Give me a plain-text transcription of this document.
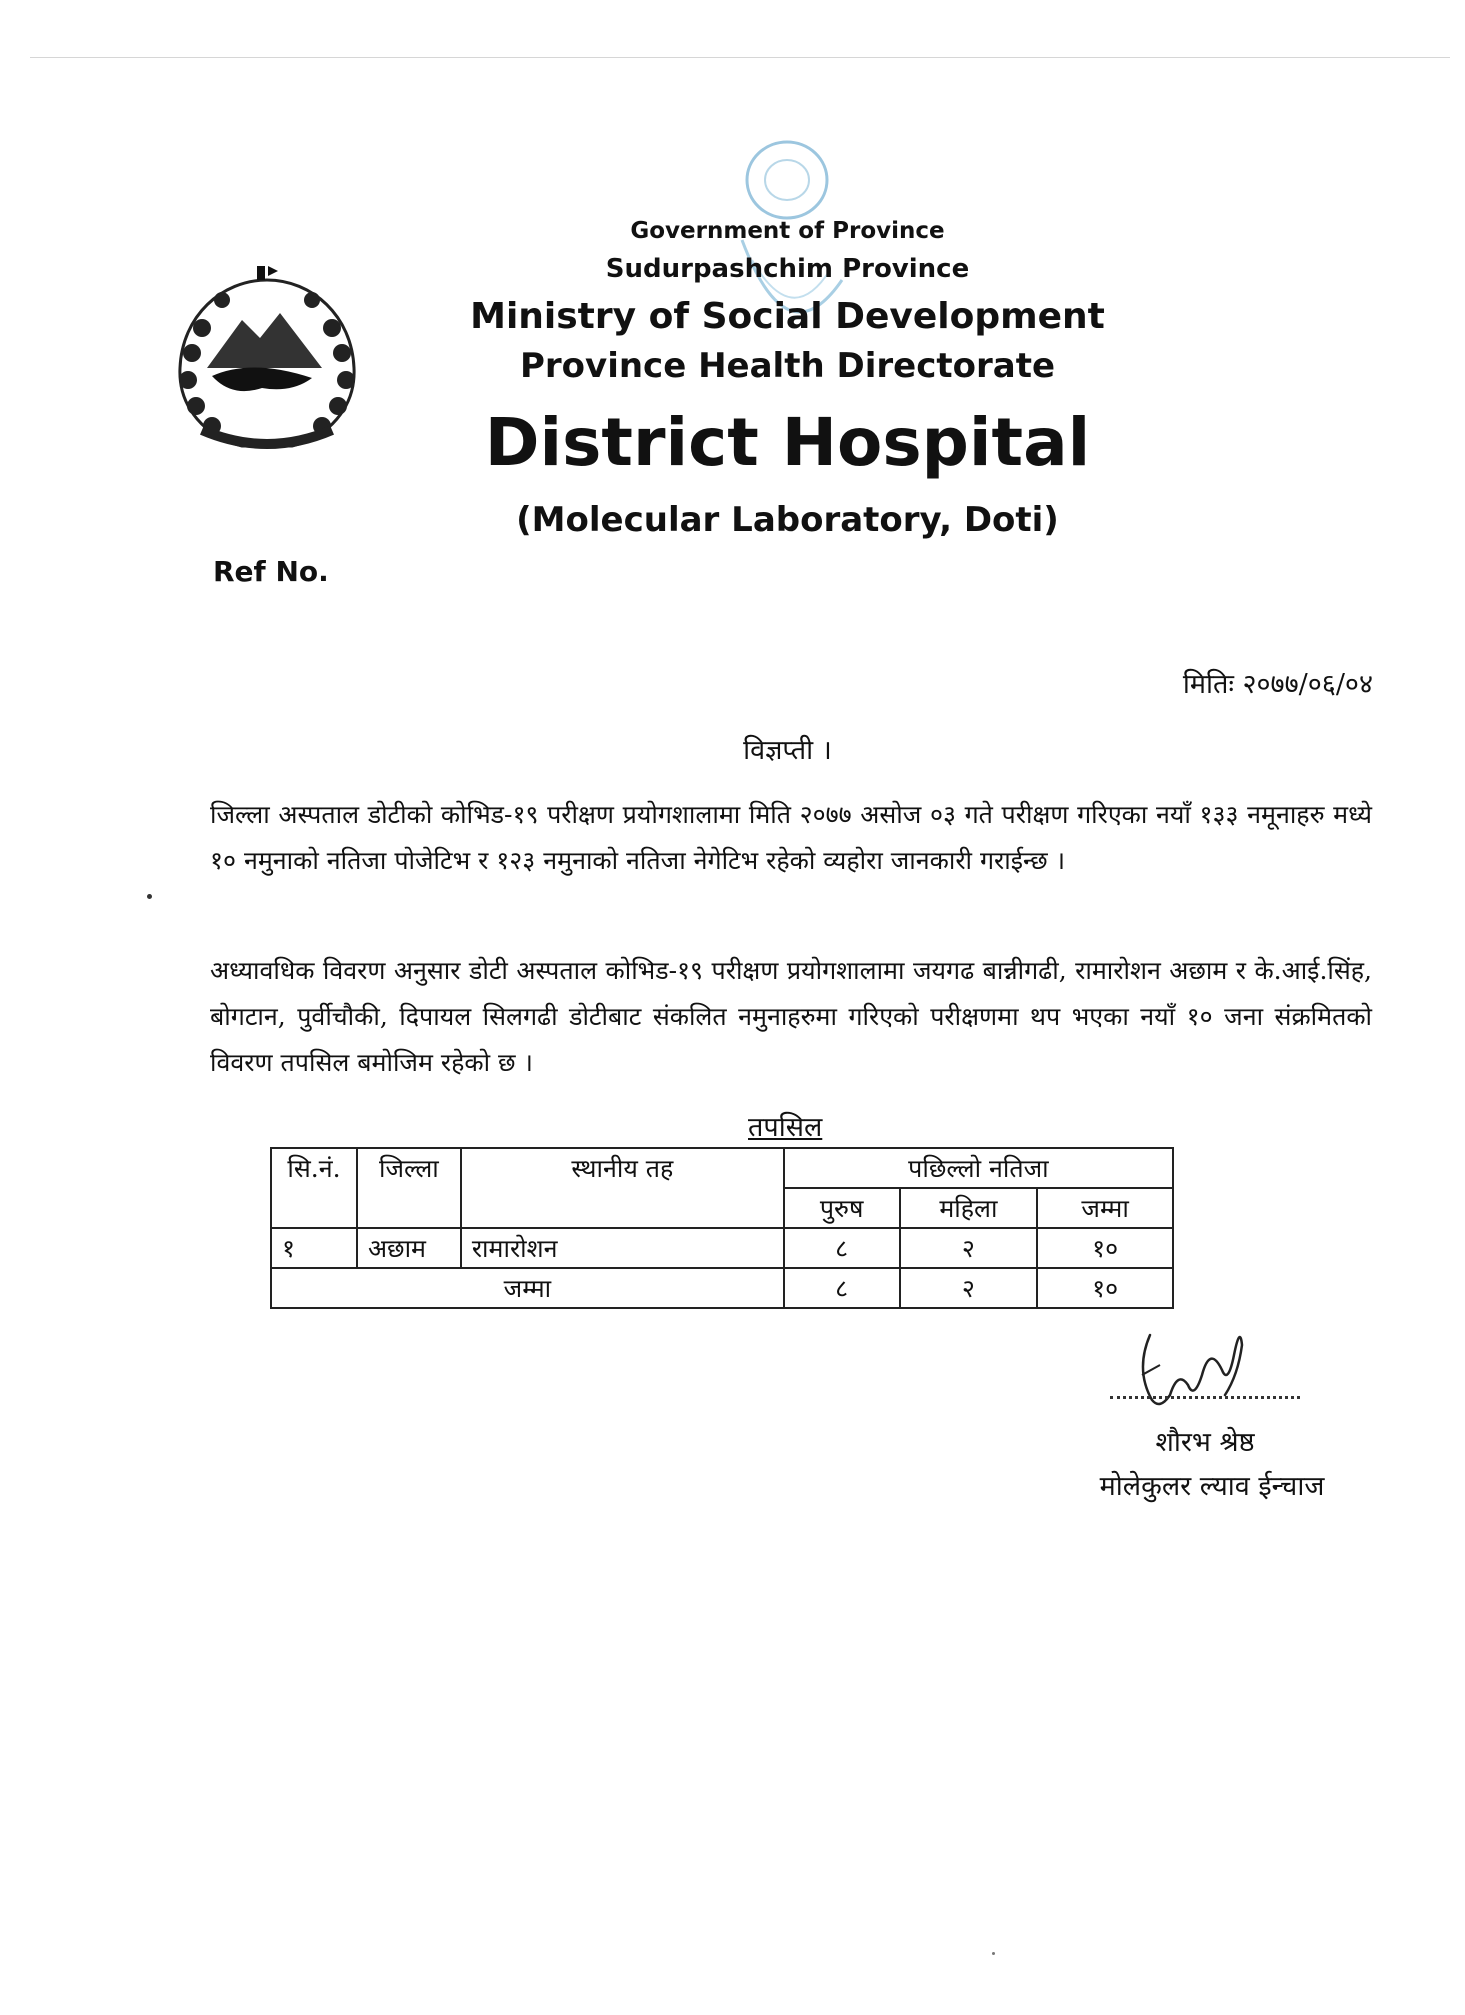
Government of Province
Sudurpashchim Province
Ministry of Social Development
Province Health Directorate
District Hospital
(Molecular Laboratory, Doti)
Ref No.
मितिः २०७७/०६/०४
विज्ञप्ती ।
जिल्ला अस्पताल डोटीको कोभिड-१९ परीक्षण प्रयोगशालामा मिति २०७७ असोज ०३ गते परीक्षण गरिएका नयाँ १३३ नमूनाहरु मध्ये १० नमुनाको नतिजा पोजेटिभ र १२३ नमुनाको नतिजा नेगेटिभ रहेको व्यहोरा जानकारी गराईन्छ ।
अध्यावधिक विवरण अनुसार डोटी अस्पताल कोभिड-१९ परीक्षण प्रयोगशालामा जयगढ बान्नीगढी, रामारोशन अछाम र के.आई.सिंह, बोगटान, पुर्वीचौकी, दिपायल सिलगढी डोटीबाट संकलित नमुनाहरुमा गरिएको परीक्षणमा थप भएका नयाँ १० जना संक्रमितको विवरण तपसिल बमोजिम रहेको छ ।
तपसिल
सि.नं.	जिल्ला	स्थानीय तह	पछिल्लो नतिजा		
			पुरुष	महिला	जम्मा
१	अछाम	रामारोशन	८	२	१०
जम्मा			८	२	१०
शौरभ श्रेष्ठ
मोलेकुलर ल्याव ईन्चाज
